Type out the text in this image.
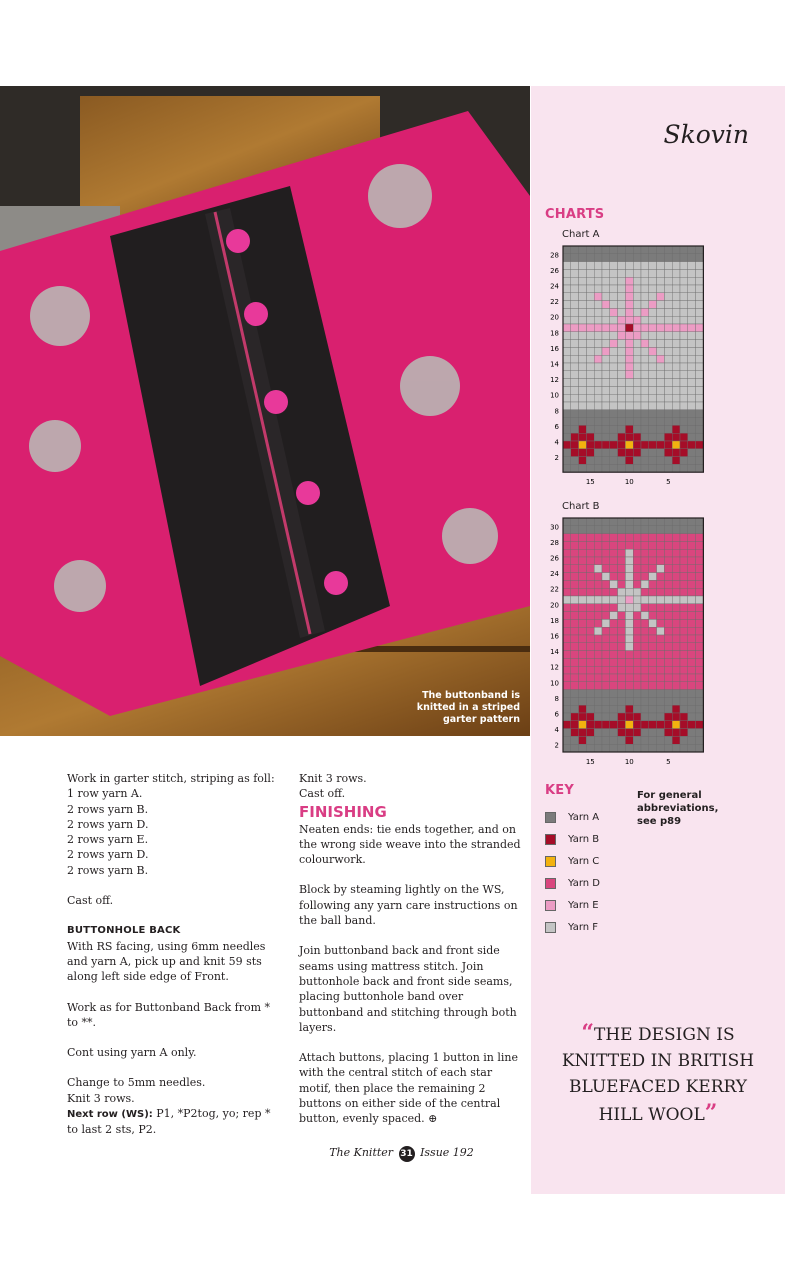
The buttonband is knitted in a striped garter pattern
Skovin
CHARTS
Chart A
28
26
24
22
20
18
16
14
12
10
8
6
4
2
15	10	5
Chart B
30
28
26
24
22
20
18
16
14
12
10
8
6
4
2
15	10	5
KEY
Yarn A
Yarn B
Yarn C
Yarn D
Yarn E
Yarn F
For general abbreviations, see p89
“THE DESIGN IS KNITTED IN BRITISH BLUEFACED KERRY HILL WOOL”

Work in garter stitch, striping as foll:

1 row yarn A.

2 rows yarn B.

2 rows yarn D.

2 rows yarn E.

2 rows yarn D.

2 rows yarn B.

Cast off.

BUTTONHOLE BACK

With RS facing, using 6mm needles and yarn A, pick up and knit 59 sts along left side edge of Front.

Work as for Buttonband Back from * to **.

Cont using yarn A only.

Change to 5mm needles.

Knit 3 rows.

Next row (WS): P1, *P2tog, yo; rep * to last 2 sts, P2.

Knit 3 rows.

Cast off.

FINISHING

Neaten ends: tie ends together, and on the wrong side weave into the stranded colourwork.

Block by steaming lightly on the WS, following any yarn care instructions on the ball band.

Join buttonband back and front side seams using mattress stitch. Join buttonhole back and front side seams, placing buttonhole band over buttonband and stitching through both layers.

Attach buttons, placing 1 button in line with the central stitch of each star motif, then place the remaining 2 buttons on either side of the central button, evenly spaced. ⊕

The Knitter 31 Issue 192
